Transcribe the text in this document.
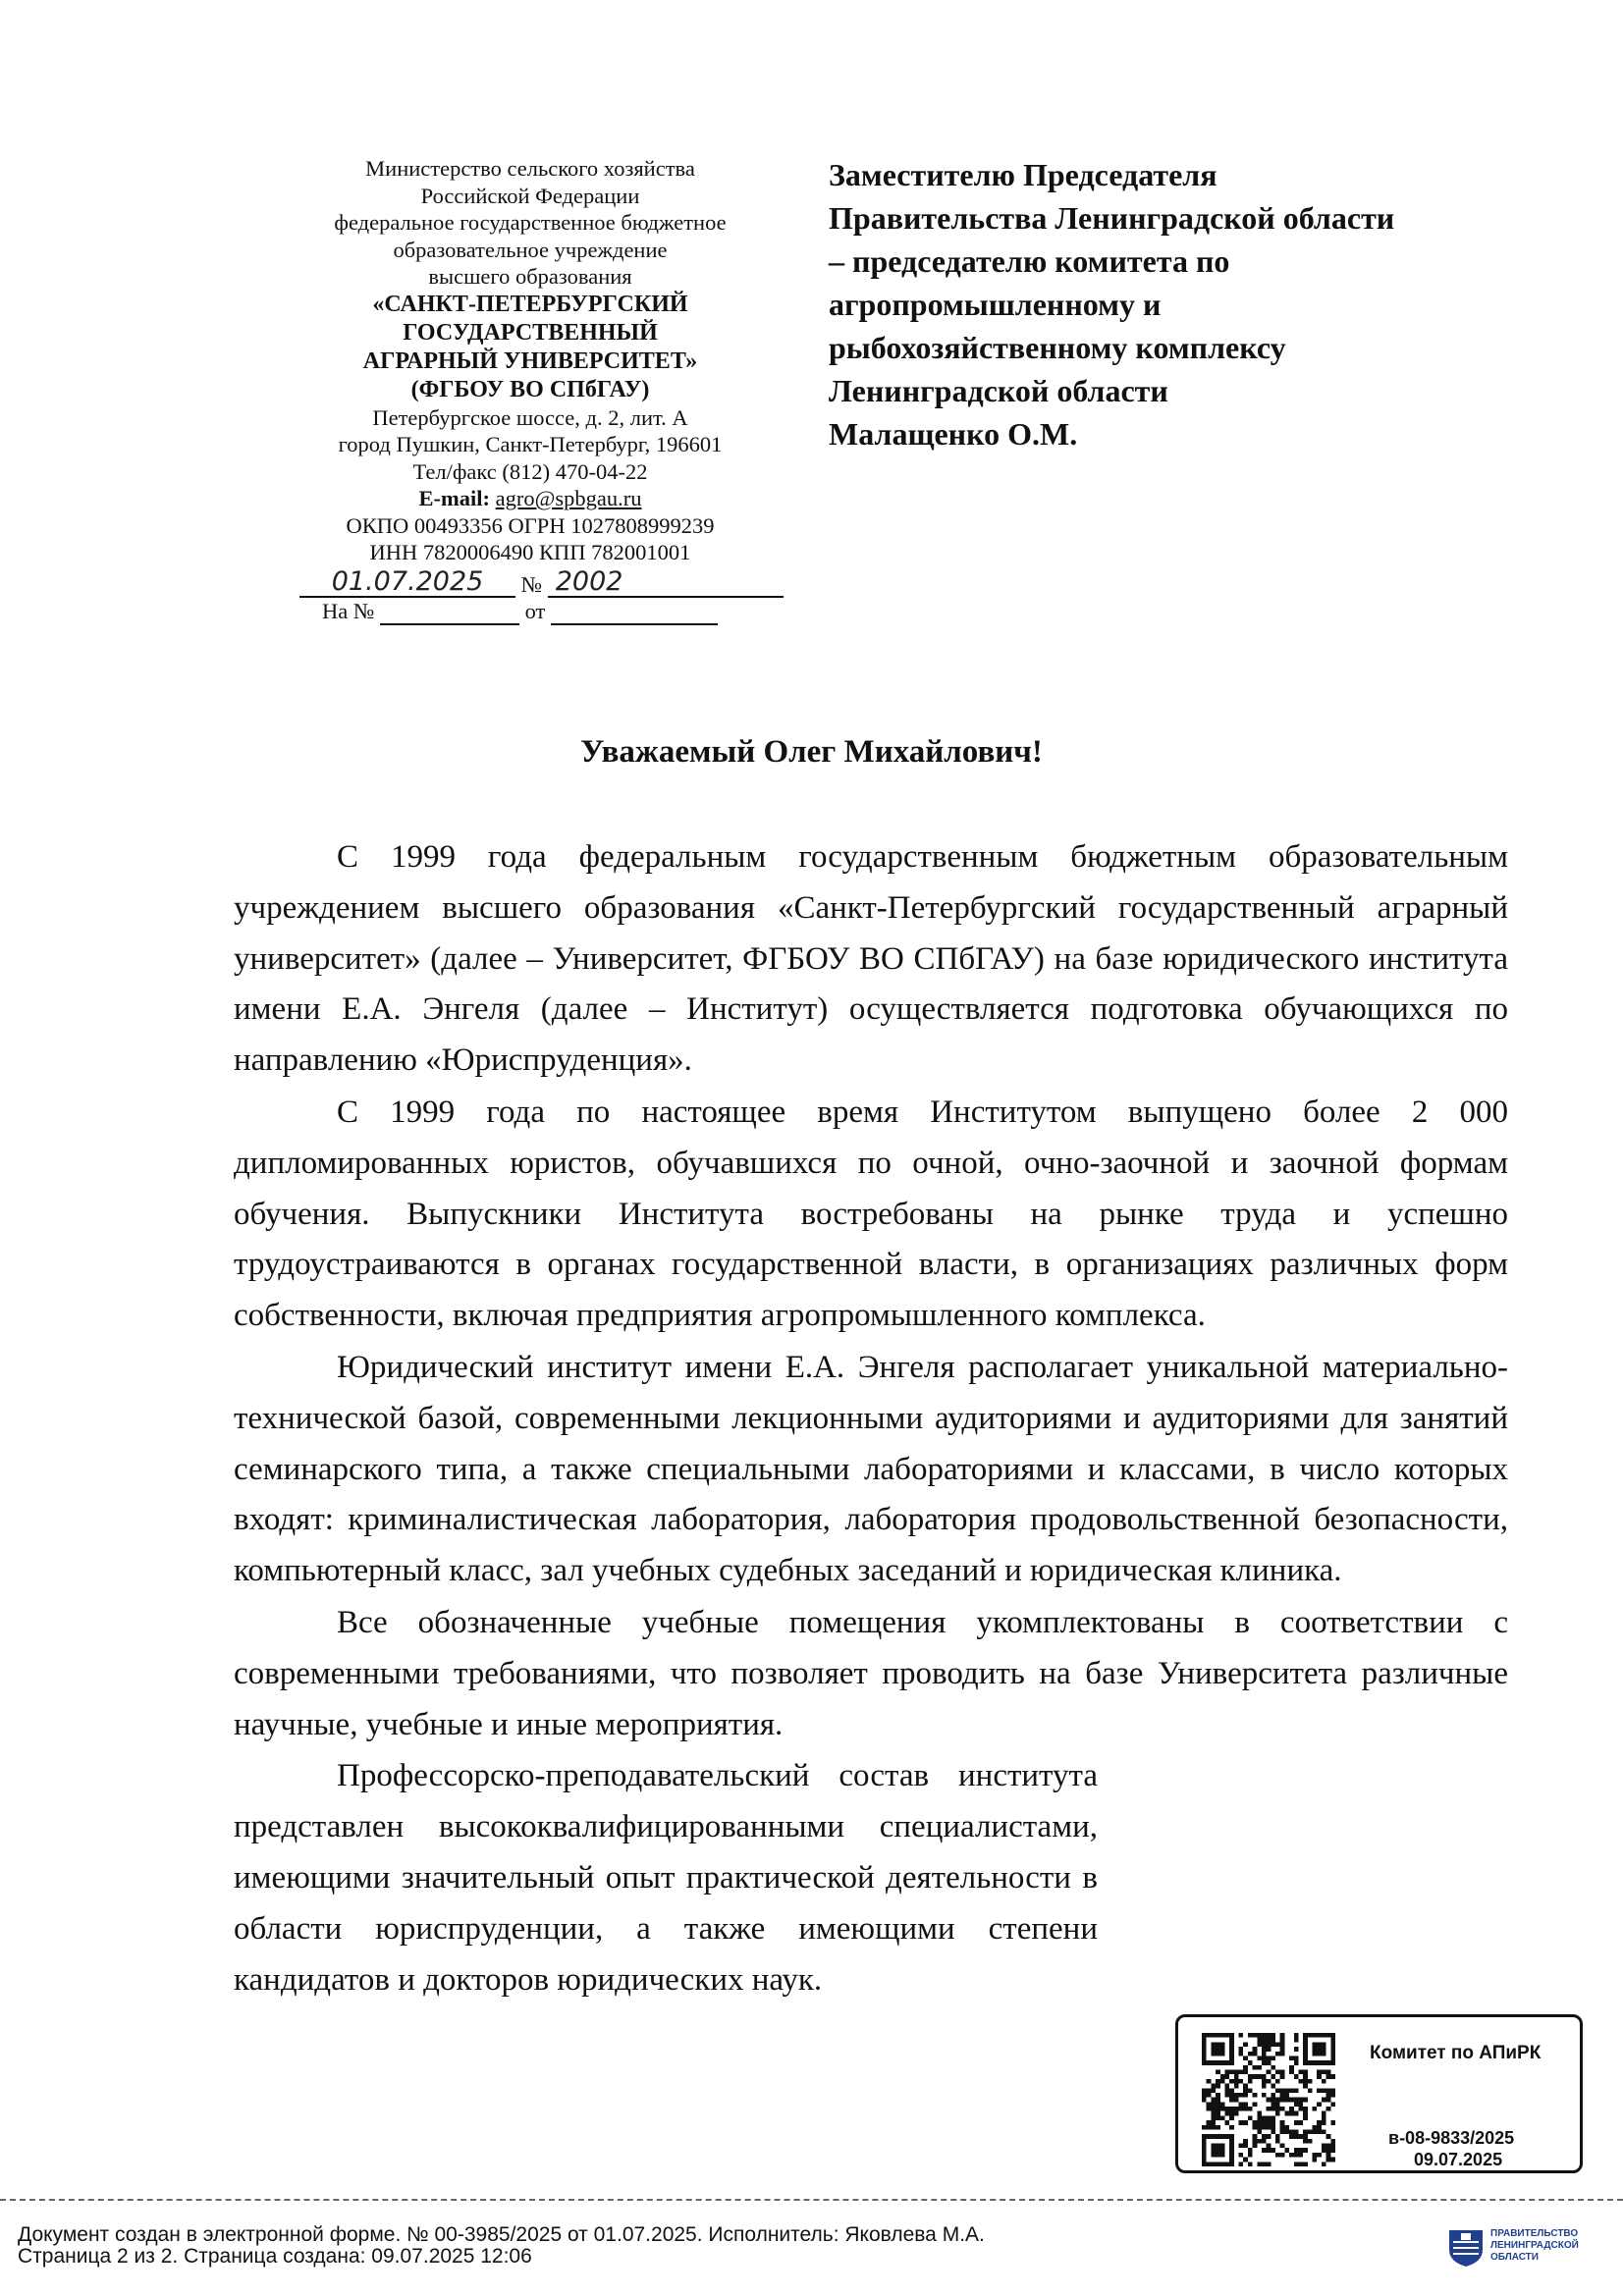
Министерство сельского хозяйства
Российской Федерации
федеральное государственное бюджетное
образовательное учреждение
высшего образования
«САНКТ-ПЕТЕРБУРГСКИЙ
ГОСУДАРСТВЕННЫЙ
АГРАРНЫЙ УНИВЕРСИТЕТ»
(ФГБОУ ВО СПбГАУ)
Петербургское шоссе, д. 2, лит. А
город Пушкин, Санкт-Петербург, 196601
Тел/факс (812) 470-04-22
E-mail: agro@spbgau.ru
ОКПО 00493356 ОГРН 1027808999239
ИНН 7820006490 КПП 782001001
01.07.2025 № 2002
На №	от
Заместителю Председателя
Правительства Ленинградской области
– председателю комитета по
агропромышленному и
рыбохозяйственному комплексу
Ленинградской области
Малащенко О.М.
Уважаемый Олег Михайлович!

С 1999 года федеральным государственным бюджетным образовательным учреждением высшего образования «Санкт-Петербургский государственный аграрный университет» (далее – Университет, ФГБОУ ВО СПбГАУ) на базе юридического института имени Е.А. Энгеля (далее – Институт) осуществляется подготовка обучающихся по направлению «Юриспруденция».

С 1999 года по настоящее время Институтом выпущено более 2 000 дипломированных юристов, обучавшихся по очной, очно-заочной и заочной формам обучения. Выпускники Института востребованы на рынке труда и успешно трудоустраиваются в органах государственной власти, в организациях различных форм собственности, включая предприятия агропромышленного комплекса.

Юридический институт имени Е.А. Энгеля располагает уникальной материально-технической базой, современными лекционными аудиториями и аудиториями для занятий семинарского типа, а также специальными лабораториями и классами, в число которых входят: криминалистическая лаборатория, лаборатория продовольственной безопасности, компьютерный класс, зал учебных судебных заседаний и юридическая клиника.

Все обозначенные учебные помещения укомплектованы в соответствии с современными требованиями, что позволяет проводить на базе Университета различные научные, учебные и иные мероприятия.

Профессорско-преподавательский состав института представлен высококвалифицированными специалистами, имеющими значительный опыт практической деятельности в области юриспруденции, а также имеющими степени кандидатов и докторов юридических наук.

Комитет по АПиРК
в-08-9833/2025
09.07.2025
Документ создан в электронной форме. № 00-3985/2025 от 01.07.2025. Исполнитель: Яковлева М.А.
Страница 2 из 2. Страница создана: 09.07.2025 12:06
ПРАВИТЕЛЬСТВО
ЛЕНИНГРАДСКОЙ
ОБЛАСТИ
